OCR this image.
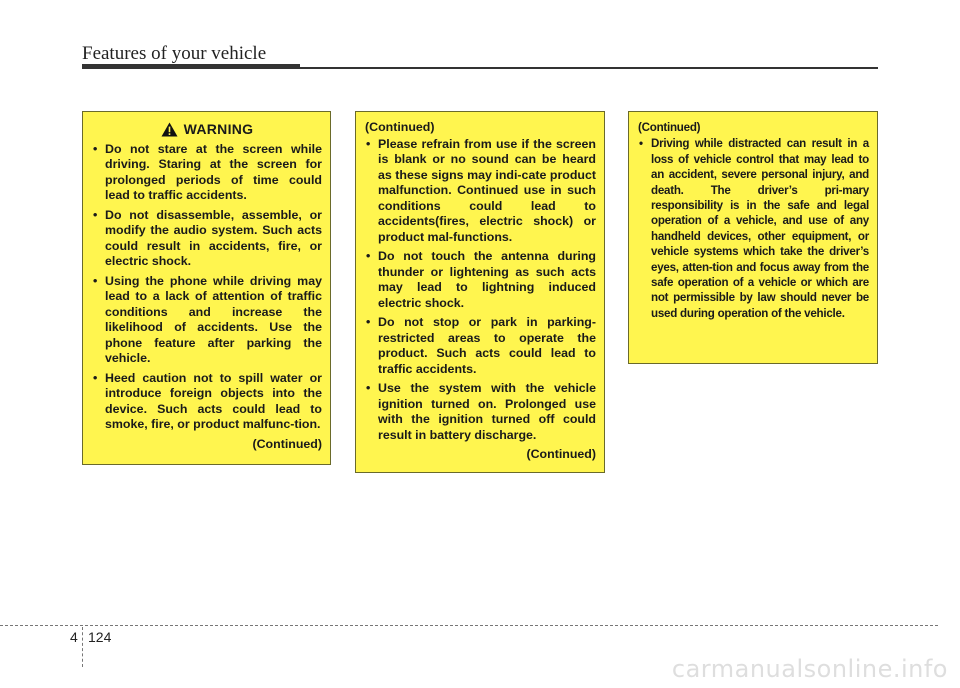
Features of your vehicle
WARNING
• Do not stare at the screen while driving. Staring at the screen for prolonged periods of time could lead to traffic accidents.
• Do not disassemble, assemble, or modify the audio system. Such acts could result in accidents, fire, or electric shock.
• Using the phone while driving may lead to a lack of attention of traffic conditions and increase the likelihood of accidents. Use the phone feature after parking the vehicle.
• Heed caution not to spill water or introduce foreign objects into the device. Such acts could lead to smoke, fire, or product malfunc-tion.
(Continued)
(Continued)
• Please refrain from use if the screen is blank or no sound can be heard as these signs may indi-cate product malfunction. Continued use in such conditions could lead to accidents(fires, electric shock) or product mal-functions.
• Do not touch the antenna during thunder or lightening as such acts may lead to lightning induced electric shock.
• Do not stop or park in parking-restricted areas to operate the product. Such acts could lead to traffic accidents.
• Use the system with the vehicle ignition turned on. Prolonged use with the ignition turned off could result in battery discharge.
(Continued)
(Continued)
• Driving while distracted can result in a loss of vehicle control that may lead to an accident, severe personal injury, and death. The driver’s pri-mary responsibility is in the safe and legal operation of a vehicle, and use of any handheld devices, other equipment, or vehicle systems which take the driver’s eyes, atten-tion and focus away from the safe operation of a vehicle or which are not permissible by law should never be used during operation of the vehicle.
4 124
carmanualsonline.info
